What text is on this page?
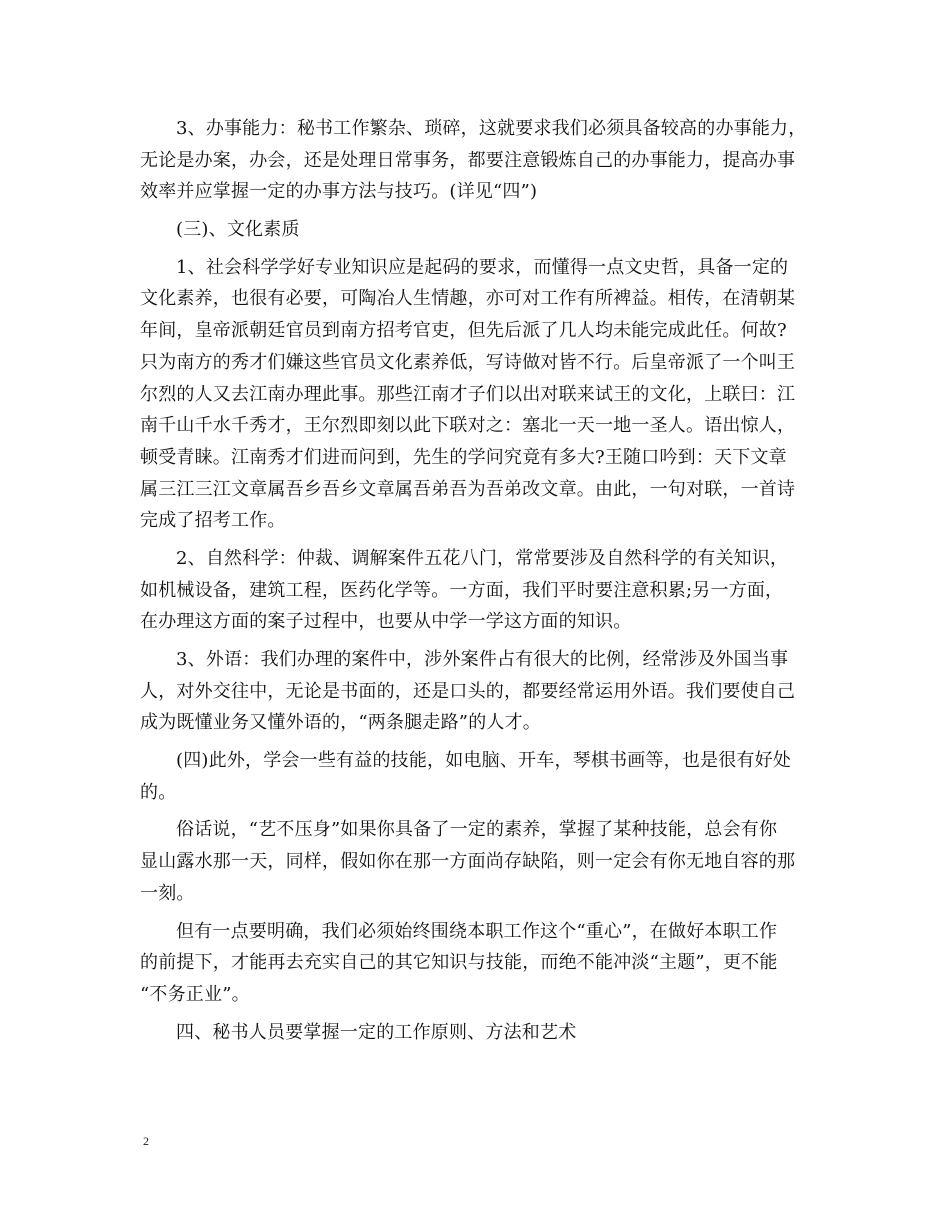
3、办事能力：秘书工作繁杂、琐碎，这就要求我们必须具备较高的办事能力，
无论是办案，办会，还是处理日常事务，都要注意锻炼自己的办事能力，提高办事
效率并应掌握一定的办事方法与技巧。(详见“四”)
(三)、文化素质
1、社会科学学好专业知识应是起码的要求，而懂得一点文史哲，具备一定的
文化素养，也很有必要，可陶冶人生情趣，亦可对工作有所裨益。相传，在清朝某
年间，皇帝派朝廷官员到南方招考官吏，但先后派了几人均未能完成此任。何故?
只为南方的秀才们嫌这些官员文化素养低，写诗做对皆不行。后皇帝派了一个叫王
尔烈的人又去江南办理此事。那些江南才子们以出对联来试王的文化，上联曰：江
南千山千水千秀才，王尔烈即刻以此下联对之：塞北一天一地一圣人。语出惊人，
顿受青睐。江南秀才们进而问到，先生的学问究竟有多大?王随口吟到：天下文章
属三江三江文章属吾乡吾乡文章属吾弟吾为吾弟改文章。由此，一句对联，一首诗
完成了招考工作。
2、自然科学：仲裁、调解案件五花八门，常常要涉及自然科学的有关知识，
如机械设备，建筑工程，医药化学等。一方面，我们平时要注意积累;另一方面，
在办理这方面的案子过程中，也要从中学一学这方面的知识。
3、外语：我们办理的案件中，涉外案件占有很大的比例，经常涉及外国当事
人，对外交往中，无论是书面的，还是口头的，都要经常运用外语。我们要使自己
成为既懂业务又懂外语的，“两条腿走路”的人才。
(四)此外，学会一些有益的技能，如电脑、开车，琴棋书画等，也是很有好处
的。
俗话说，“艺不压身”如果你具备了一定的素养，掌握了某种技能，总会有你
显山露水那一天，同样，假如你在那一方面尚存缺陷，则一定会有你无地自容的那
一刻。
但有一点要明确，我们必须始终围绕本职工作这个“重心”，在做好本职工作
的前提下，才能再去充实自己的其它知识与技能，而绝不能冲淡“主题”，更不能
“不务正业”。
四、秘书人员要掌握一定的工作原则、方法和艺术
2
